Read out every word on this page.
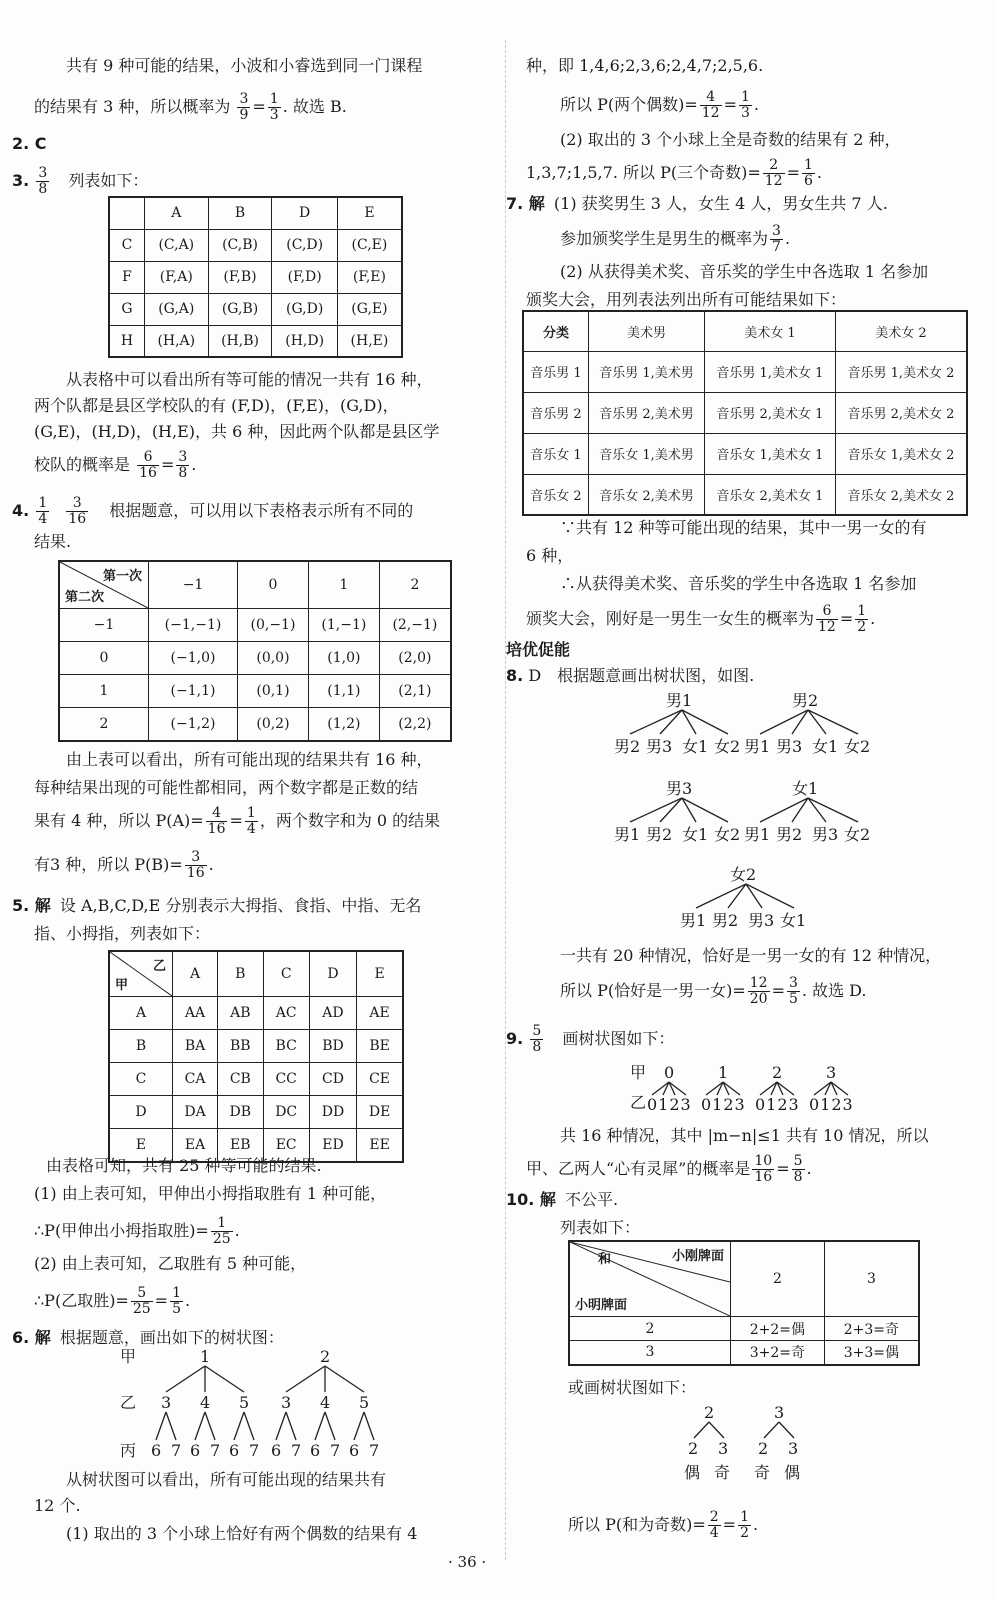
共有 9 种可能的结果，小波和小睿选到同一门课程
的结果有 3 种，所以概率为 $\frac{3}{9} = \frac{1}{3}$ . 故选 B.
2. C
3. $\frac{3}{8}$ 列表如下：
	A	B	D	E
C	(C,A)	(C,B)	(C,D)	(C,E)
F	(F,A)	(F,B)	(F,D)	(F,E)
G	(G,A)	(G,B)	(G,D)	(G,E)
H	(H,A)	(H,B)	(H,D)	(H,E)
从表格中可以看出所有等可能的情况一共有 16 种，
两个队都是县区学校队的有 (F,D)，(F,E)，(G,D)，
(G,E)，(H,D)，(H,E)，共 6 种，因此两个队都是县区学
校队的概率是 $\frac{6}{16} = \frac{3}{8}$ .
4. $\frac{1}{4}$
$\frac{3}{16}$ 根据题意，可以用以下表格表示所有不同的
结果.
第一次
第二次	−1	0	1	2
−1	(−1,−1)	(0,−1)	(1,−1)	(2,−1)
0	(−1,0)	(0,0)	(1,0)	(2,0)
1	(−1,1)	(0,1)	(1,1)	(2,1)
2	(−1,2)	(0,2)	(1,2)	(2,2)
由上表可以看出，所有可能出现的结果共有 16 种，
每种结果出现的可能性都相同，两个数字都是正数的结
果有 4 种，所以 $P(A)= \frac{4}{16} = \frac{1}{4}$ ，两个数字和为 0 的结果
有3 种，所以 $P(B)= \frac{3}{16}$ .
5. 解 设 A,B,C,D,E 分别表示大拇指、食指、中指、无名
指、小拇指，列表如下：
乙
甲	A	B	C	D	E
A	AA	AB	AC	AD	AE
B	BA	BB	BC	BD	BE
C	CA	CB	CC	CD	CE
D	DA	DB	DC	DD	DE
E	EA	EB	EC	ED	EE
由表格可知，共有 25 种等可能的结果.
(1) 由上表可知，甲伸出小拇指取胜有 1 种可能，
∴P(甲伸出小拇指取胜)= $\frac{1}{25}$ .
(2) 由上表可知，乙取胜有 5 种可能，
∴P(乙取胜)= $\frac{5}{25} = \frac{1}{5}$ .
6. 解 根据题意，画出如下的树状图：
甲
乙
丙
1	2
3 4 5 3 4 5
6 7 6 7 6 7 6 7 6 7 6 7
从树状图可以看出，所有可能出现的结果共有
12 个.
(1) 取出的 3 个小球上恰好有两个偶数的结果有 4
· 36 ·
种，即 1,4,6;2,3,6;2,4,7;2,5,6.
所以 P(两个偶数)= $\frac{4}{12} = \frac{1}{3}$ .
(2) 取出的 3 个小球上全是奇数的结果有 2 种，
1,3,7;1,5,7. 所以 P(三个奇数)= $\frac{2}{12} = \frac{1}{6}$ .
7. 解 (1) 获奖男生 3 人，女生 4 人，男女生共 7 人.
参加颁奖学生是男生的概率为 $\frac{3}{7}$ .
(2) 从获得美术奖、音乐奖的学生中各选取 1 名参加
颁奖大会，用列表法列出所有可能结果如下：
分类	美术男	美术女 1	美术女 2
音乐男 1	音乐男 1,美术男	音乐男 1,美术女 1	音乐男 1,美术女 2
音乐男 2	音乐男 2,美术男	音乐男 2,美术女 1	音乐男 2,美术女 2
音乐女 1	音乐女 1,美术男	音乐女 1,美术女 1	音乐女 1,美术女 2
音乐女 2	音乐女 2,美术男	音乐女 2,美术女 1	音乐女 2,美术女 2
∵共有 12 种等可能出现的结果，其中一男一女的有
6 种，
∴从获得美术奖、音乐奖的学生中各选取 1 名参加
颁奖大会，刚好是一男生一女生的概率为 $\frac{6}{12} = \frac{1}{2}$ .
培优促能
8. D　根据题意画出树状图，如图.
男1
男2 男3 女1 女2
男2
男1 男3 女1 女2
男3
男1 男2 女1 女2
女1
男1 男2 男3 女2
女2
男1 男2 男3 女1
一共有 20 种情况，恰好是一男一女的有 12 种情况，
所以 P(恰好是一男一女)= $\frac{12}{20} = \frac{3}{5}$ . 故选 D.
9. $\frac{5}{8}$ 画树状图如下：
甲
乙
0	1	2	3
0123 0123 0123 0123
共 16 种情况，其中 |m−n|≤1 共有 10 情况，所以
甲、乙两人“心有灵犀”的概率是 $\frac{10}{16} = \frac{5}{8}$ .
10. 解 不公平.
列表如下：
和 小刚牌面
小明牌面	2	3
2	2+2=偶	2+3=奇
3	3+2=奇	3+3=偶
或画树状图如下：
2	3
2 3 2 3
偶 奇 奇 偶
所以 P(和为奇数)= $\frac{2}{4} = \frac{1}{2}$ .
